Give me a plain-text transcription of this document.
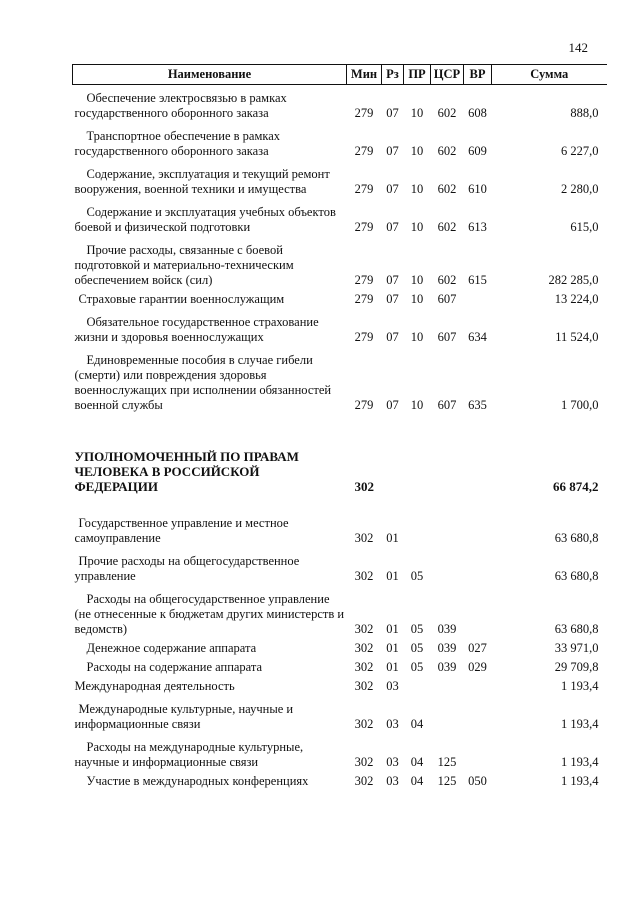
142
Наименование	Мин	Рз	ПР	ЦСР	ВР	Сумма
Обеспечение электросвязью в рамках государственного оборонного заказа	279	07	10	602	608	888,0
Транспортное обеспечение в рамках государственного оборонного заказа	279	07	10	602	609	6 227,0
Содержание, эксплуатация и текущий ремонт вооружения, военной техники и имущества	279	07	10	602	610	2 280,0
Содержание и эксплуатация учебных объектов боевой и физической подготовки	279	07	10	602	613	615,0
Прочие расходы, связанные с боевой подготовкой и материально-техническим обеспечением войск (сил)	279	07	10	602	615	282 285,0
Страховые гарантии военнослужащим	279	07	10	607		13 224,0
Обязательное государственное страхование жизни и здоровья военнослужащих	279	07	10	607	634	11 524,0
Единовременные пособия в случае гибели (смерти) или повреждения здоровья военнослужащих при исполнении обязанностей военной службы	279	07	10	607	635	1 700,0
УПОЛНОМОЧЕННЫЙ ПО ПРАВАМ ЧЕЛОВЕКА В РОССИЙСКОЙ ФЕДЕРАЦИИ	302					66 874,2
Государственное управление и местное самоуправление	302	01				63 680,8
Прочие расходы на общегосударственное управление	302	01	05			63 680,8
Расходы на общегосударственное управление (не отнесенные к бюджетам других министерств и ведомств)	302	01	05	039		63 680,8
Денежное содержание аппарата	302	01	05	039	027	33 971,0
Расходы на содержание аппарата	302	01	05	039	029	29 709,8
Международная деятельность	302	03				1 193,4
Международные культурные, научные и информационные связи	302	03	04			1 193,4
Расходы на международные культурные, научные и информационные связи	302	03	04	125		1 193,4
Участие в международных конференциях	302	03	04	125	050	1 193,4
